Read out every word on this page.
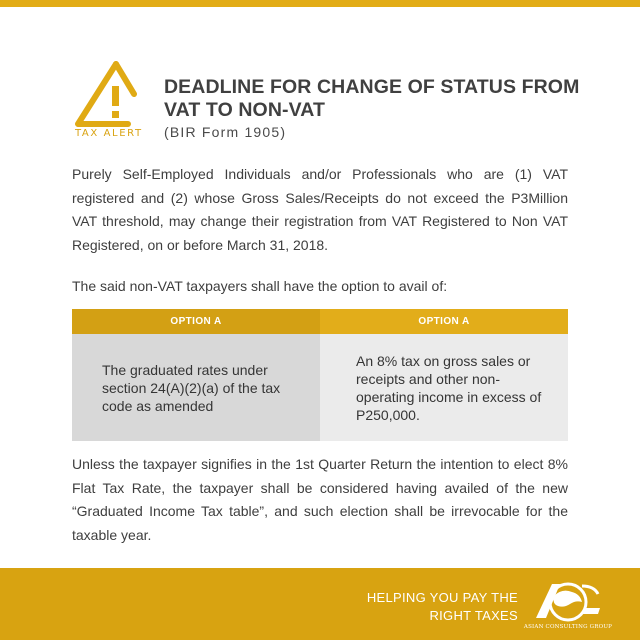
TAX ALERT
DEADLINE FOR CHANGE OF STATUS FROM VAT TO NON-VAT
(BIR Form 1905)

Purely Self-Employed Individuals and/or Professionals who are (1) VAT registered and (2) whose Gross Sales/Receipts do not exceed the P3Million VAT threshold, may change their registration from VAT Registered to Non VAT Registered, on or before March 31, 2018.

The said non-VAT taxpayers shall have the option to avail of:

OPTION A	OPTION A
The graduated rates under section 24(A)(2)(a) of the tax code as amended	An 8% tax on gross sales or receipts and other non-operating income in excess of P250,000.

Unless the taxpayer signifies in the 1st Quarter Return the intention to elect 8% Flat Tax Rate, the taxpayer shall be considered having availed of the new “Graduated Income Tax table”, and such election shall be irrevocable for the taxable year.

HELPING YOU PAY THE
RIGHT TAXES
ASIAN CONSULTING GROUP
